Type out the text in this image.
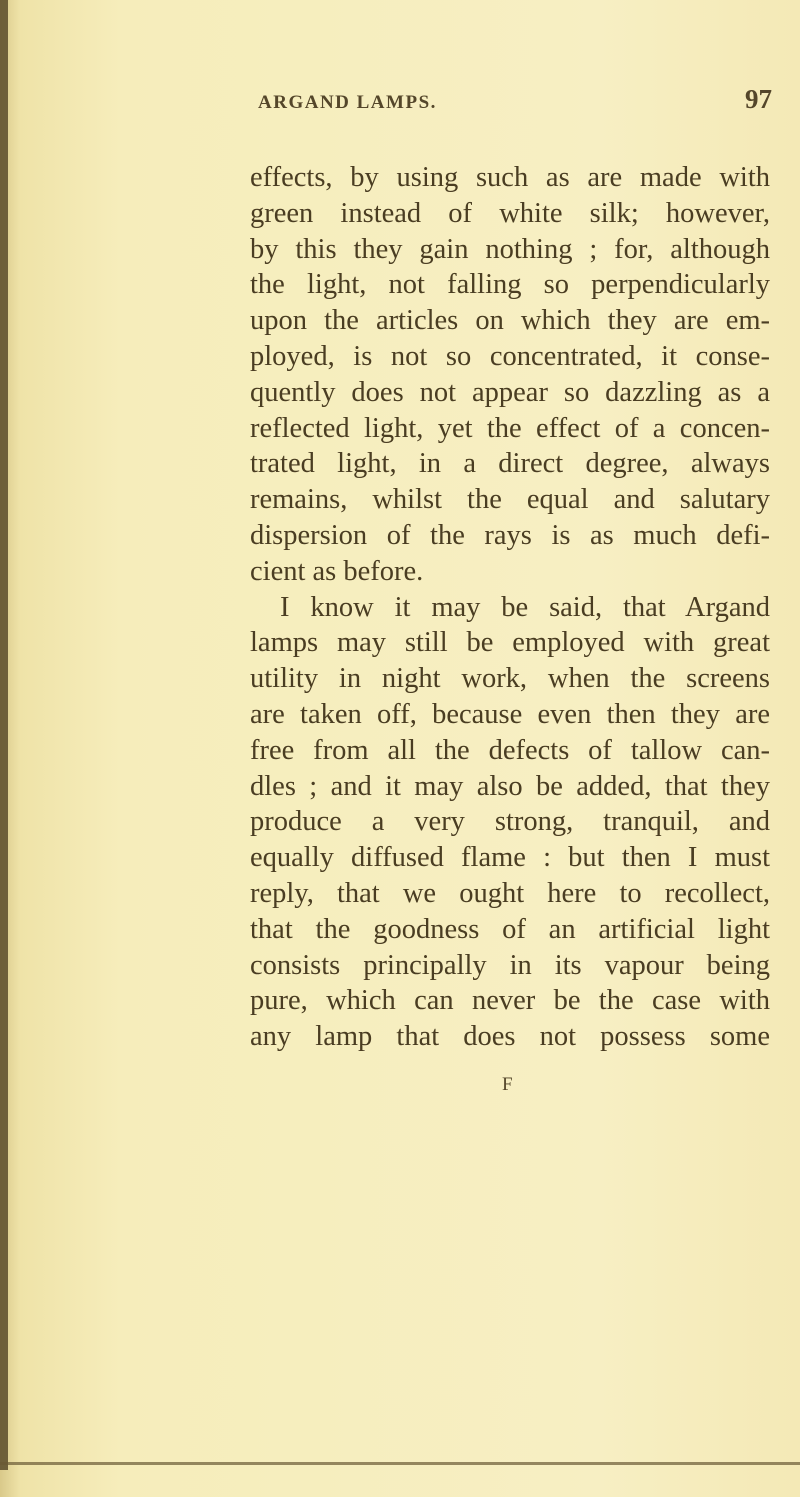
ARGAND LAMPS.	97
effects, by using such as are made with
green instead of white silk; however,
by this they gain nothing ; for, although
the light, not falling so perpendicularly
upon the articles on which they are em-
ployed, is not so concentrated, it conse-
quently does not appear so dazzling as a
reflected light, yet the effect of a concen-
trated light, in a direct degree, always
remains, whilst the equal and salutary
dispersion of the rays is as much defi-
cient as before.
I know it may be said, that Argand
lamps may still be employed with great
utility in night work, when the screens
are taken off, because even then they are
free from all the defects of tallow can-
dles ; and it may also be added, that they
produce a very strong, tranquil, and
equally diffused flame : but then I must
reply, that we ought here to recollect,
that the goodness of an artificial light
consists principally in its vapour being
pure, which can never be the case with
any lamp that does not possess some
F
